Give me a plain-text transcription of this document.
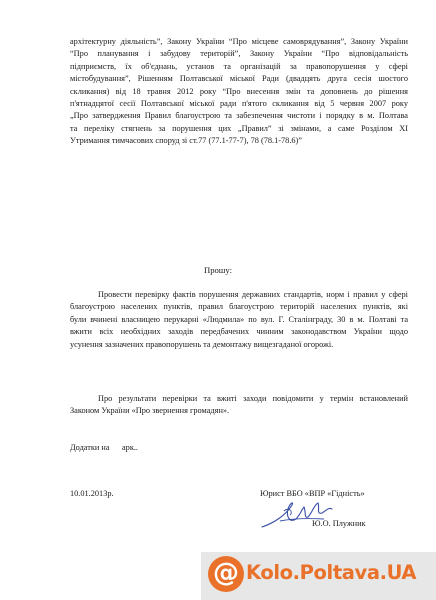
архітектурну діяльність”, Закону України “Про місцеве самоврядування”, Закону України
“Про планування і забудову територій”, Закону України “Про відповідальність
підприємств, їх об'єднань, установ та організацій за правопорушення у сфері
містобудування”, Рішенням Полтавської міської Ради (двадцять друга сесія шостого
скликання) від 18 травня 2012 року “Про внесення змін та доповнень до рішення
п'ятнадцятої сесії Полтавської міської ради п'ятого скликання від 5 червня 2007 року
„Про затвердження Правил благоустрою та забезпечення чистоти і порядку в м. Полтава
та переліку стягнень за порушення цих „Правил” зі змінами, а саме Розділом ХІ
Утримання тимчасових споруд зі ст.77 (77.1-77-7), 78 (78.1-78.6)”

Прошу:

Провести перевірку фактів порушення державних стандартів, норм і правил у сфері
благоустрою населених пунктів, правил благоустрою територій населених пунктів, які
були вчинені власницею перукарні «Людмила» по вул. Г. Сталінграду, 30 в м. Полтаві та
вжити всіх необхідних заходів передбачених чинним законодавством України щодо
усунення зазначених правопорушень та демонтажу вищезгаданої огорожі.

Про результати перевірки та вжиті заходи повідомити у термін встановлений
Законом України «Про звернення громадян».

Додатки на      арк..
10.01.2013р.	Юрист ВБО «ВПР «Гідність»
Ю.О. Плужник
@ Kolo.Poltava.UA
